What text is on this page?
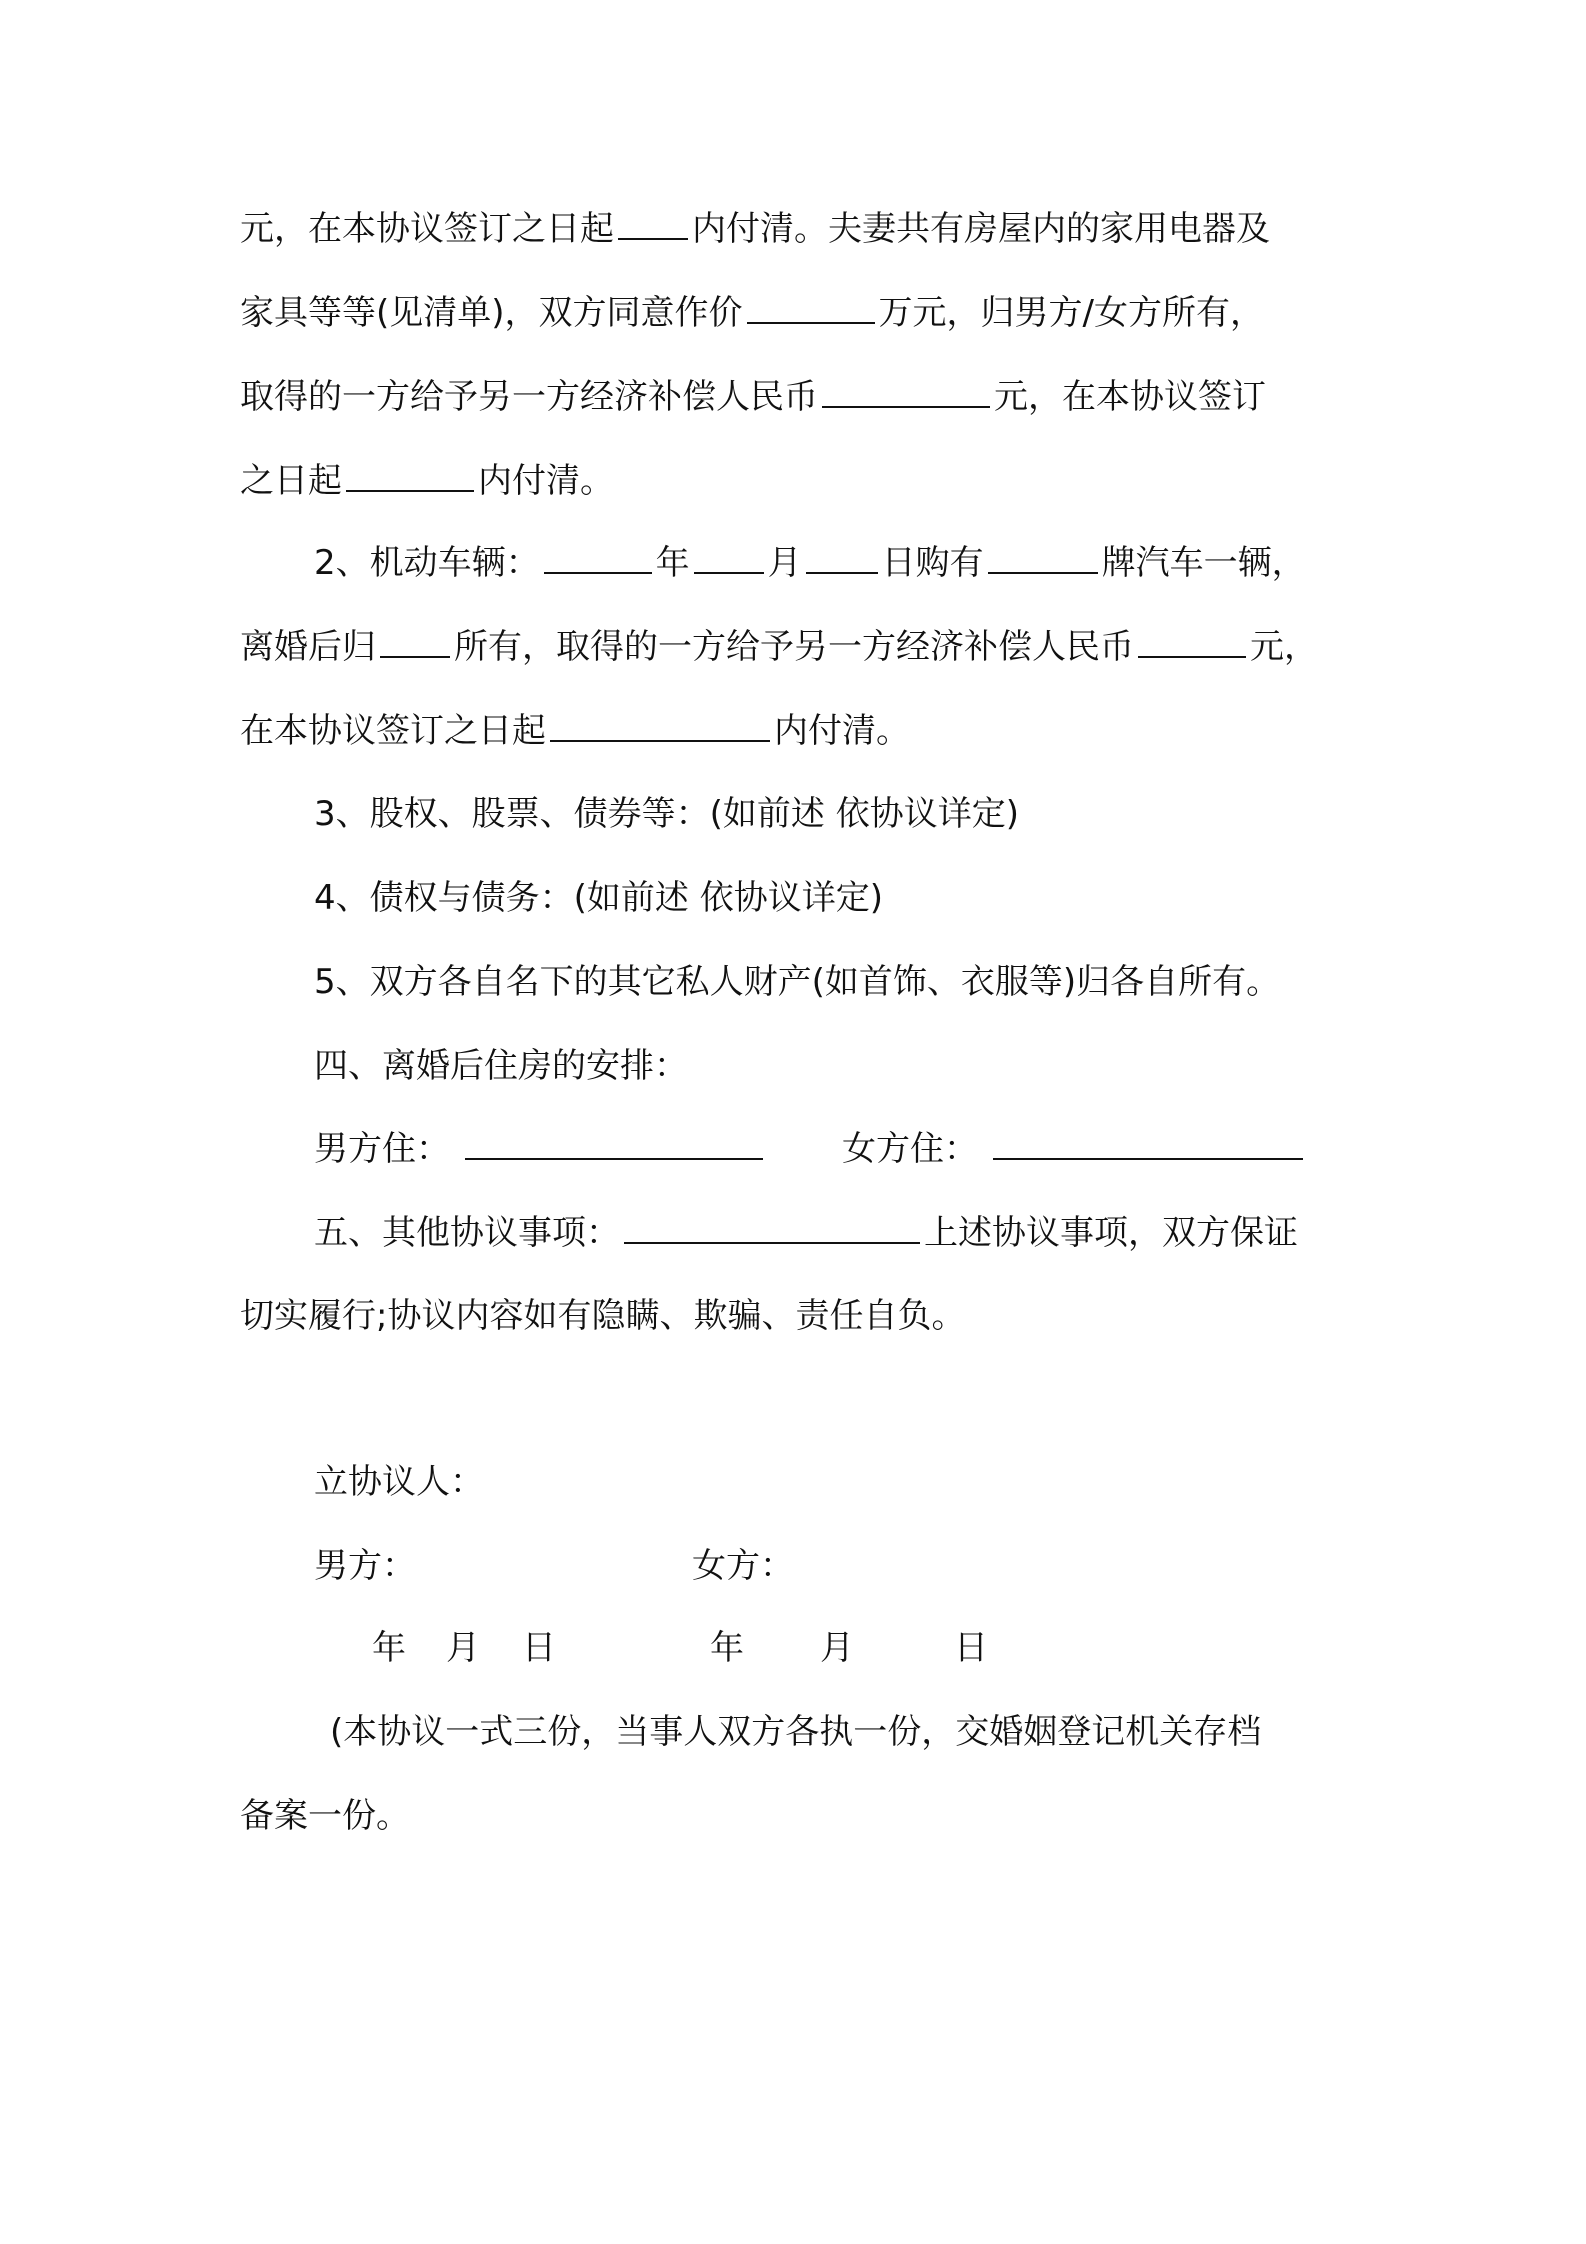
元，在本协议签订之日起 内付清。夫妻共有房屋内的家用电器及
家具等等(见清单)，双方同意作价	万元，归男方/女方所有，
取得的一方给予另一方经济补偿人民币	元，在本协议签订
之日起	内付清。
2、机动车辆：	年 月 日购有	牌汽车一辆，
离婚后归 所有，取得的一方给予另一方经济补偿人民币	元，
在本协议签订之日起	内付清。
3、股权、股票、债券等：(如前述 依协议详定)
4、债权与债务：(如前述 依协议详定)
5、双方各自名下的其它私人财产(如首饰、衣服等)归各自所有。
四、离婚后住房的安排：
男方住：	女方住：
五、其他协议事项：	上述协议事项，双方保证
切实履行;协议内容如有隐瞒、欺骗、责任自负。
立协议人：
男方：	女方：
年 月 日	年 月	日
(本协议一式三份，当事人双方各执一份，交婚姻登记机关存档
备案一份。
